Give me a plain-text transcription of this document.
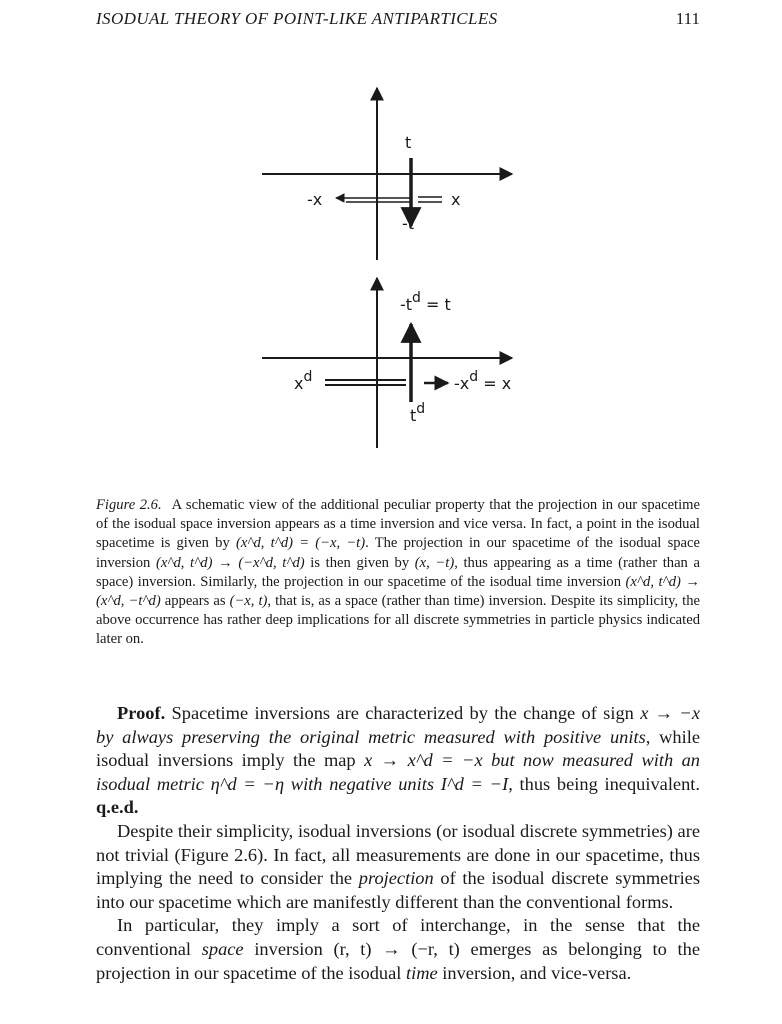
ISODUAL THEORY OF POINT-LIKE ANTIPARTICLES	111
t
-x	x
-t
-td = t
xd	-xd = x
td
Figure 2.6. A schematic view of the additional peculiar property that the projection in our spacetime of the isodual space inversion appears as a time inversion and vice versa. In fact, a point in the isodual spacetime is given by (x^d, t^d) = (−x, −t). The projection in our spacetime of the isodual space inversion (x^d, t^d) → (−x^d, t^d) is then given by (x, −t), thus appearing as a time (rather than a space) inversion. Similarly, the projection in our spacetime of the isodual time inversion (x^d, t^d) → (x^d, −t^d) appears as (−x, t), that is, as a space (rather than time) inversion. Despite its simplicity, the above occurrence has rather deep implications for all discrete symmetries in particle physics indicated later on.

Proof. Spacetime inversions are characterized by the change of sign x → −x by always preserving the original metric measured with positive units, while isodual inversions imply the map x → x^d = −x but now measured with an isodual metric η^d = −η with negative units I^d = −I, thus being inequivalent. q.e.d.

Despite their simplicity, isodual inversions (or isodual discrete symmetries) are not trivial (Figure 2.6). In fact, all measurements are done in our spacetime, thus implying the need to consider the projection of the isodual discrete symmetries into our spacetime which are manifestly different than the conventional forms.

In particular, they imply a sort of interchange, in the sense that the conventional space inversion (r, t) → (−r, t) emerges as belonging to the projection in our spacetime of the isodual time inversion, and vice-versa.
